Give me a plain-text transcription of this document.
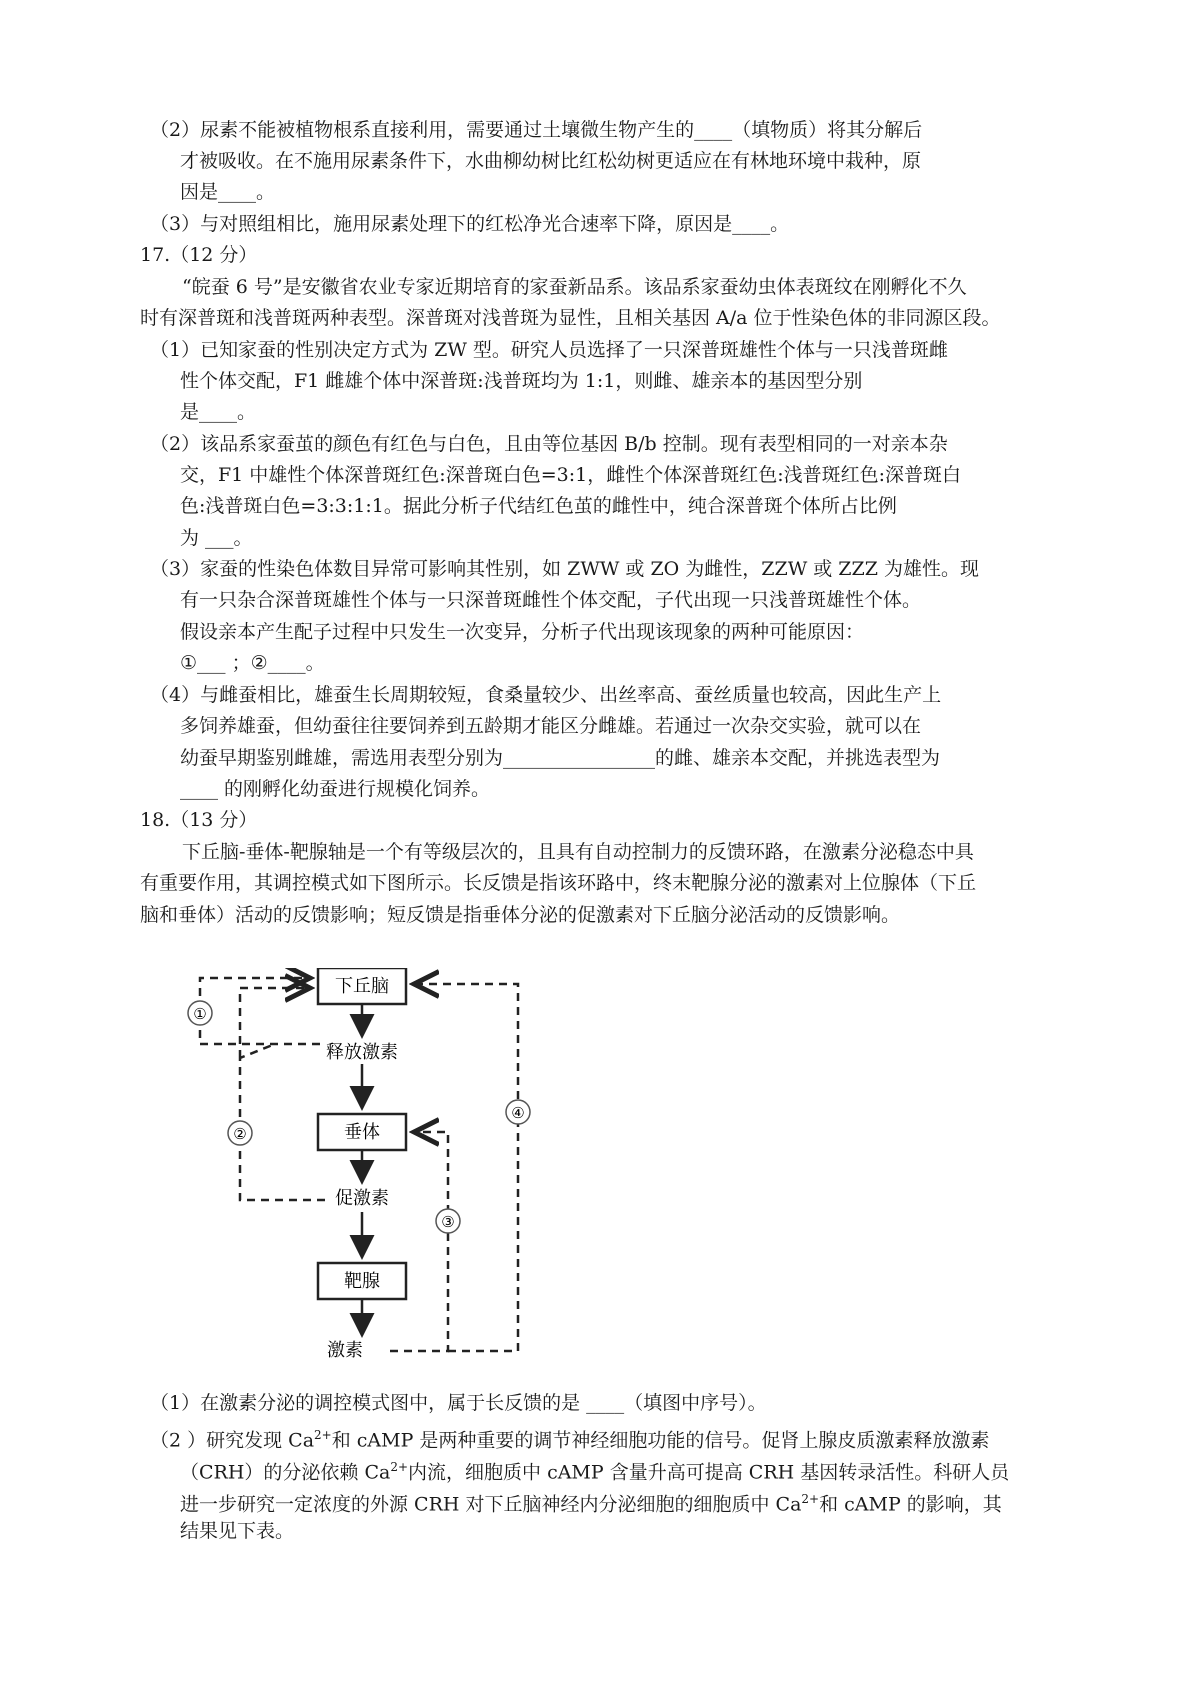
（2）尿素不能被植物根系直接利用，需要通过土壤微生物产生的____（填物质）将其分解后
才被吸收。在不施用尿素条件下，水曲柳幼树比红松幼树更适应在有林地环境中栽种，原
因是____。
（3）与对照组相比，施用尿素处理下的红松净光合速率下降，原因是____。
17.（12 分）
“皖蚕 6 号”是安徽省农业专家近期培育的家蚕新品系。该品系家蚕幼虫体表斑纹在刚孵化不久
时有深普斑和浅普斑两种表型。深普斑对浅普斑为显性，且相关基因 A/a 位于性染色体的非同源区段。
（1）已知家蚕的性别决定方式为 ZW 型。研究人员选择了一只深普斑雄性个体与一只浅普斑雌
性个体交配，F1 雌雄个体中深普斑:浅普斑均为 1:1，则雌、雄亲本的基因型分别
是____。
（2）该品系家蚕茧的颜色有红色与白色，且由等位基因 B/b 控制。现有表型相同的一对亲本杂
交，F1 中雄性个体深普斑红色:深普斑白色=3:1，雌性个体深普斑红色:浅普斑红色:深普斑白
色:浅普斑白色=3:3:1:1。据此分析子代结红色茧的雌性中，纯合深普斑个体所占比例
为 ___。
（3）家蚕的性染色体数目异常可影响其性别，如 ZWW 或 ZO 为雌性，ZZW 或 ZZZ 为雄性。现
有一只杂合深普斑雄性个体与一只深普斑雌性个体交配，子代出现一只浅普斑雄性个体。
假设亲本产生配子过程中只发生一次变异，分析子代出现该现象的两种可能原因：
①___ ；②____。
（4）与雌蚕相比，雄蚕生长周期较短，食桑量较少、出丝率高、蚕丝质量也较高，因此生产上
多饲养雄蚕，但幼蚕往往要饲养到五龄期才能区分雌雄。若通过一次杂交实验，就可以在
幼蚕早期鉴别雌雄，需选用表型分别为________________的雌、雄亲本交配，并挑选表型为
____ 的刚孵化幼蚕进行规模化饲养。
18.（13 分）
下丘脑-垂体-靶腺轴是一个有等级层次的，且具有自动控制力的反馈环路，在激素分泌稳态中具
有重要作用，其调控模式如下图所示。长反馈是指该环路中，终末靶腺分泌的激素对上位腺体（下丘
脑和垂体）活动的反馈影响；短反馈是指垂体分泌的促激素对下丘脑分泌活动的反馈影响。
下丘脑
垂体
靶腺
释放激素
促激素
激素
①
②
③
④
（1）在激素分泌的调控模式图中，属于长反馈的是 ____（填图中序号）。
（2 ）研究发现 $Ca^{2+}$和 cAMP 是两种重要的调节神经细胞功能的信号。促肾上腺皮质激素释放激素
（CRH）的分泌依赖 $Ca^{2+}$内流，细胞质中 cAMP 含量升高可提高 CRH 基因转录活性。科研人员
进一步研究一定浓度的外源 CRH 对下丘脑神经内分泌细胞的细胞质中 $Ca^{2+}$和 cAMP 的影响，其
结果见下表。
